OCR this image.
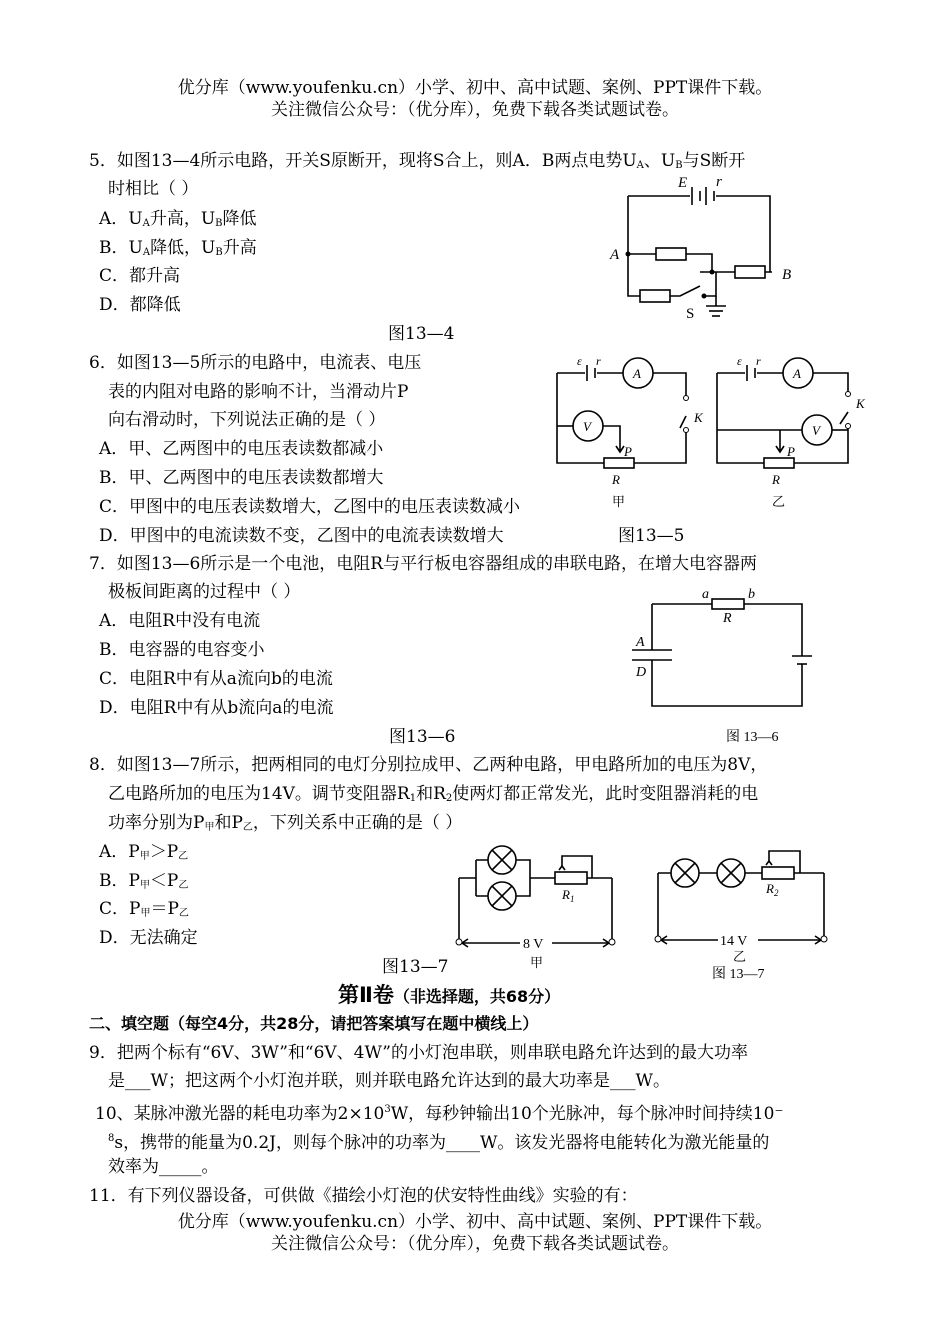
优分库（www.youfenku.cn）小学、初中、高中试题、案例、PPT课件下载。
关注微信公众号：（优分库），免费下载各类试题试卷。
5．如图13—4所示电路，开关S原断开，现将S合上，则A．B两点电势$U_A$、$U_B$与S断开
时相比（ ）
A．$U_A$升高，$U_B$降低
B．$U_A$降低，$U_B$升高
C．都升高
D．都降低
图13—4
E r
A
B
S
6．如图13—5所示的电路中，电流表、电压
表的内阻对电路的影响不计，当滑动片P
向右滑动时，下列说法正确的是（ ）
A．甲、乙两图中的电压表读数都减小
B．甲、乙两图中的电压表读数都增大
C．甲图中的电压表读数增大，乙图中的电压表读数减小
D．甲图中的电流读数不变，乙图中的电流表读数增大	图13—5
ε r	ε r
A
V
K
P
R
A
V
K
P
R
甲	乙
7．如图13—6所示是一个电池，电阻R与平行板电容器组成的串联电路，在增大电容器两
极板间距离的过程中（ ）
A．电阻R中没有电流
B．电容器的电容变小
C．电阻R中有从a流向b的电流
D．电阻R中有从b流向a的电流
图13—6
a	b
R
A
D
图 13—6
8．如图13—7所示，把两相同的电灯分别拉成甲、乙两种电路，甲电路所加的电压为8V，
乙电路所加的电压为14V。调节变阻器$R_1$和$R_2$使两灯都正常发光，此时变阻器消耗的电
功率分别为$P_甲$和$P_乙$，下列关系中正确的是（ ）
A．$P_甲>P_乙$
B．$P_甲<P_乙$
C．$P_甲=P_乙$
D．无法确定
图13—7
$R_1$
$R_2$
8 V	14 V
甲	乙
图 13—7
第Ⅱ卷（非选择题，共68分）
二、填空题（每空4分，共28分，请把答案填写在题中横线上）
9．把两个标有“6V、3W”和“6V、4W”的小灯泡串联，则串联电路允许达到的最大功率
是___W；把这两个小灯泡并联，则并联电路允许达到的最大功率是___W。
10、某脉冲激光器的耗电功率为$2\times 10^3W$，每秒钟输出10个光脉冲，每个脉冲时间持续10⁻
$^8$s，携带的能量为0.2J，则每个脉冲的功率为____W。该发光器将电能转化为激光能量的
效率为_____。
11．有下列仪器设备，可供做《描绘小灯泡的伏安特性曲线》实验的有：
优分库（www.youfenku.cn）小学、初中、高中试题、案例、PPT课件下载。
关注微信公众号：（优分库），免费下载各类试题试卷。
